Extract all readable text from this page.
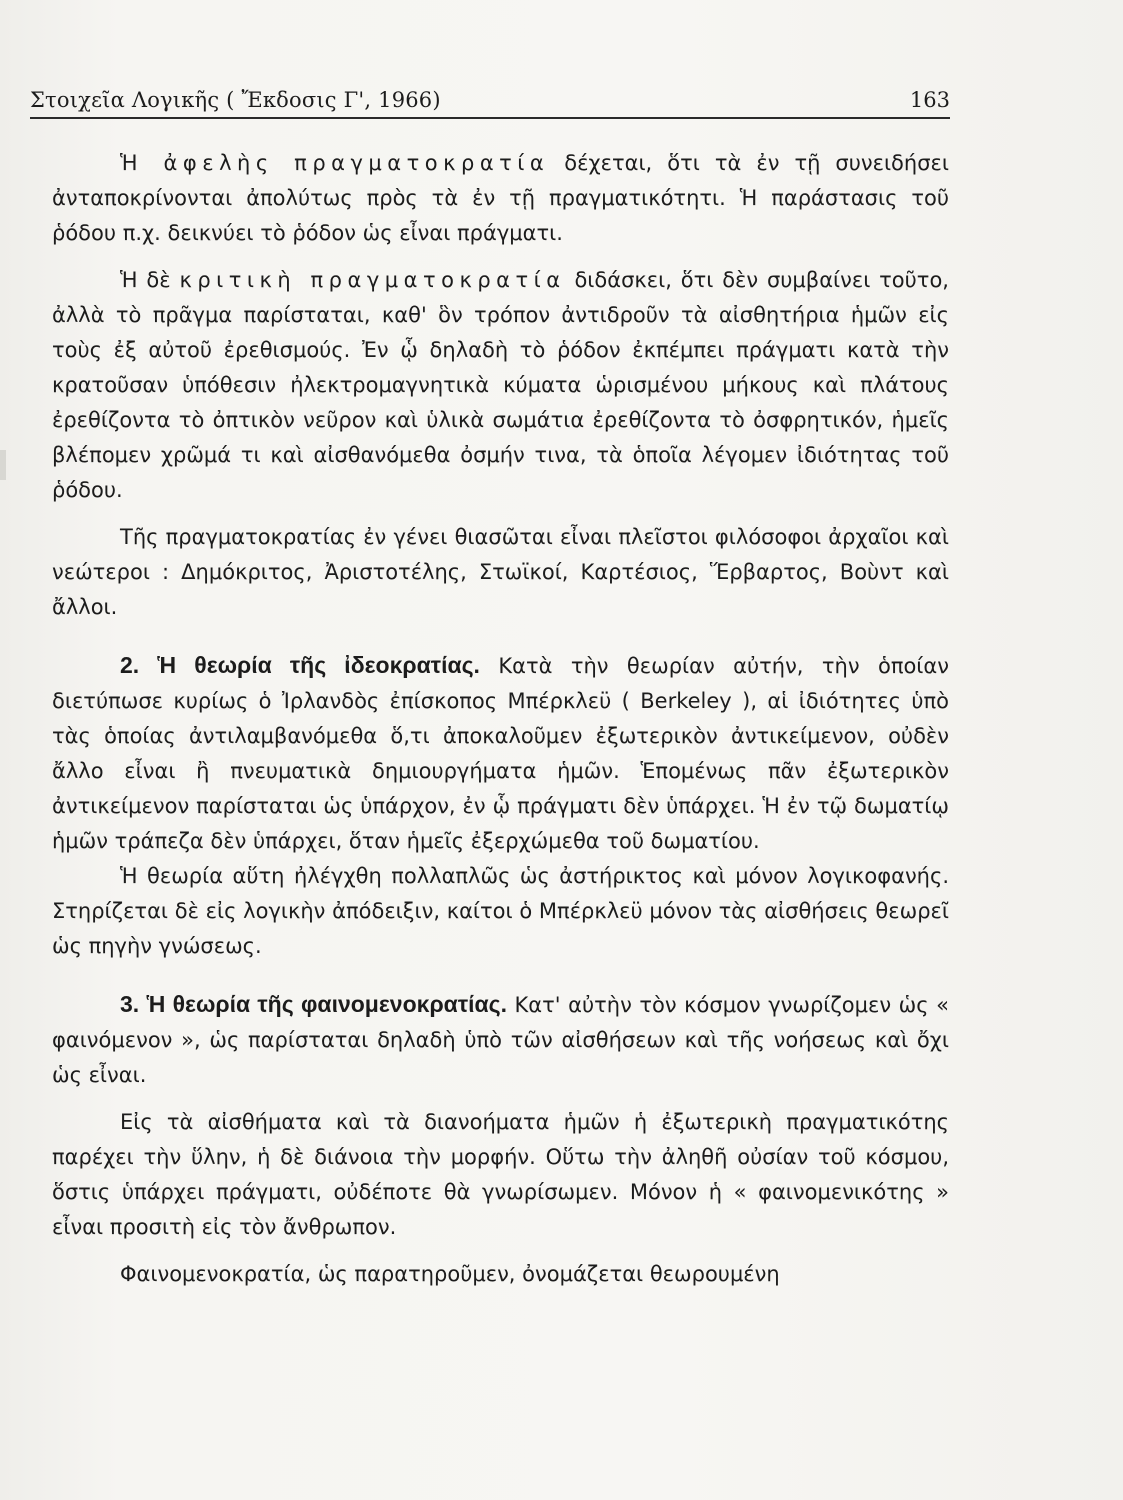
Στοιχεῖα Λογικῆς ( Ἔκδοσις Γ', 1966)	163

Ἡ ἀφελὴς πραγματοκρατία δέχεται, ὅτι τὰ ἐν τῇ συνειδήσει ἀνταποκρίνονται ἀπολύτως πρὸς τὰ ἐν τῇ πραγματικότητι. Ἡ παράστασις τοῦ ῥόδου π.χ. δεικνύει τὸ ῥόδον ὡς εἶναι πράγματι.

Ἡ δὲ κριτικὴ πραγματοκρατία διδάσκει, ὅτι δὲν συμβαίνει τοῦτο, ἀλλὰ τὸ πρᾶγμα παρίσταται, καθ' ὃν τρόπον ἀντιδροῦν τὰ αἰσθητήρια ἡμῶν εἰς τοὺς ἐξ αὐτοῦ ἐρεθισμούς. Ἐν ᾧ δηλαδὴ τὸ ῥόδον ἐκπέμπει πράγματι κατὰ τὴν κρατοῦσαν ὑπόθεσιν ἠλεκτρομαγνητικὰ κύματα ὡρισμένου μήκους καὶ πλάτους ἐρεθίζοντα τὸ ὀπτικὸν νεῦρον καὶ ὑλικὰ σωμάτια ἐρεθίζοντα τὸ ὀσφρητικόν, ἡμεῖς βλέπομεν χρῶμά τι καὶ αἰσθανόμεθα ὀσμήν τινα, τὰ ὁποῖα λέγομεν ἰδιότητας τοῦ ῥόδου.

Τῆς πραγματοκρατίας ἐν γένει θιασῶται εἶναι πλεῖστοι φιλόσοφοι ἀρχαῖοι καὶ νεώτεροι : Δημόκριτος, Ἀριστοτέλης, Στωϊκοί, Καρτέσιος, Ἕρβαρτος, Βοὺντ καὶ ἄλλοι.

2. Ἡ θεωρία τῆς ἰδεοκρατίας. Κατὰ τὴν θεωρίαν αὐτήν, τὴν ὁποίαν διετύπωσε κυρίως ὁ Ἰρλανδὸς ἐπίσκοπος Μπέρκλεϋ ( Berkeley ), αἱ ἰδιότητες ὑπὸ τὰς ὁποίας ἀντιλαμβανόμεθα ὅ,τι ἀποκαλοῦμεν ἐξωτερικὸν ἀντικείμενον, οὐδὲν ἄλλο εἶναι ἢ πνευματικὰ δημιουργήματα ἡμῶν. Ἑπομένως πᾶν ἐξωτερικὸν ἀντικείμενον παρίσταται ὡς ὑπάρχον, ἐν ᾧ πράγματι δὲν ὑπάρχει. Ἡ ἐν τῷ δωματίῳ ἡμῶν τράπεζα δὲν ὑπάρχει, ὅταν ἡμεῖς ἐξερχώμεθα τοῦ δωματίου.

Ἡ θεωρία αὕτη ἠλέγχθη πολλαπλῶς ὡς ἀστήρικτος καὶ μόνον λογικοφανής. Στηρίζεται δὲ εἰς λογικὴν ἀπόδειξιν, καίτοι ὁ Μπέρκλεϋ μόνον τὰς αἰσθήσεις θεωρεῖ ὡς πηγὴν γνώσεως.

3. Ἡ θεωρία τῆς φαινομενοκρατίας. Κατ' αὐτὴν τὸν κόσμον γνωρίζομεν ὡς « φαινόμενον », ὡς παρίσταται δηλαδὴ ὑπὸ τῶν αἰσθήσεων καὶ τῆς νοήσεως καὶ ὄχι ὡς εἶναι.

Εἰς τὰ αἰσθήματα καὶ τὰ διανοήματα ἡμῶν ἡ ἐξωτερικὴ πραγματικότης παρέχει τὴν ὕλην, ἡ δὲ διάνοια τὴν μορφήν. Οὕτω τὴν ἀληθῆ οὐσίαν τοῦ κόσμου, ὅστις ὑπάρχει πράγματι, οὐδέποτε θὰ γνωρίσωμεν. Μόνον ἡ « φαινομενικότης » εἶναι προσιτὴ εἰς τὸν ἄνθρωπον.

Φαινομενοκρατία, ὡς παρατηροῦμεν, ὀνομάζεται θεωρουμένη
